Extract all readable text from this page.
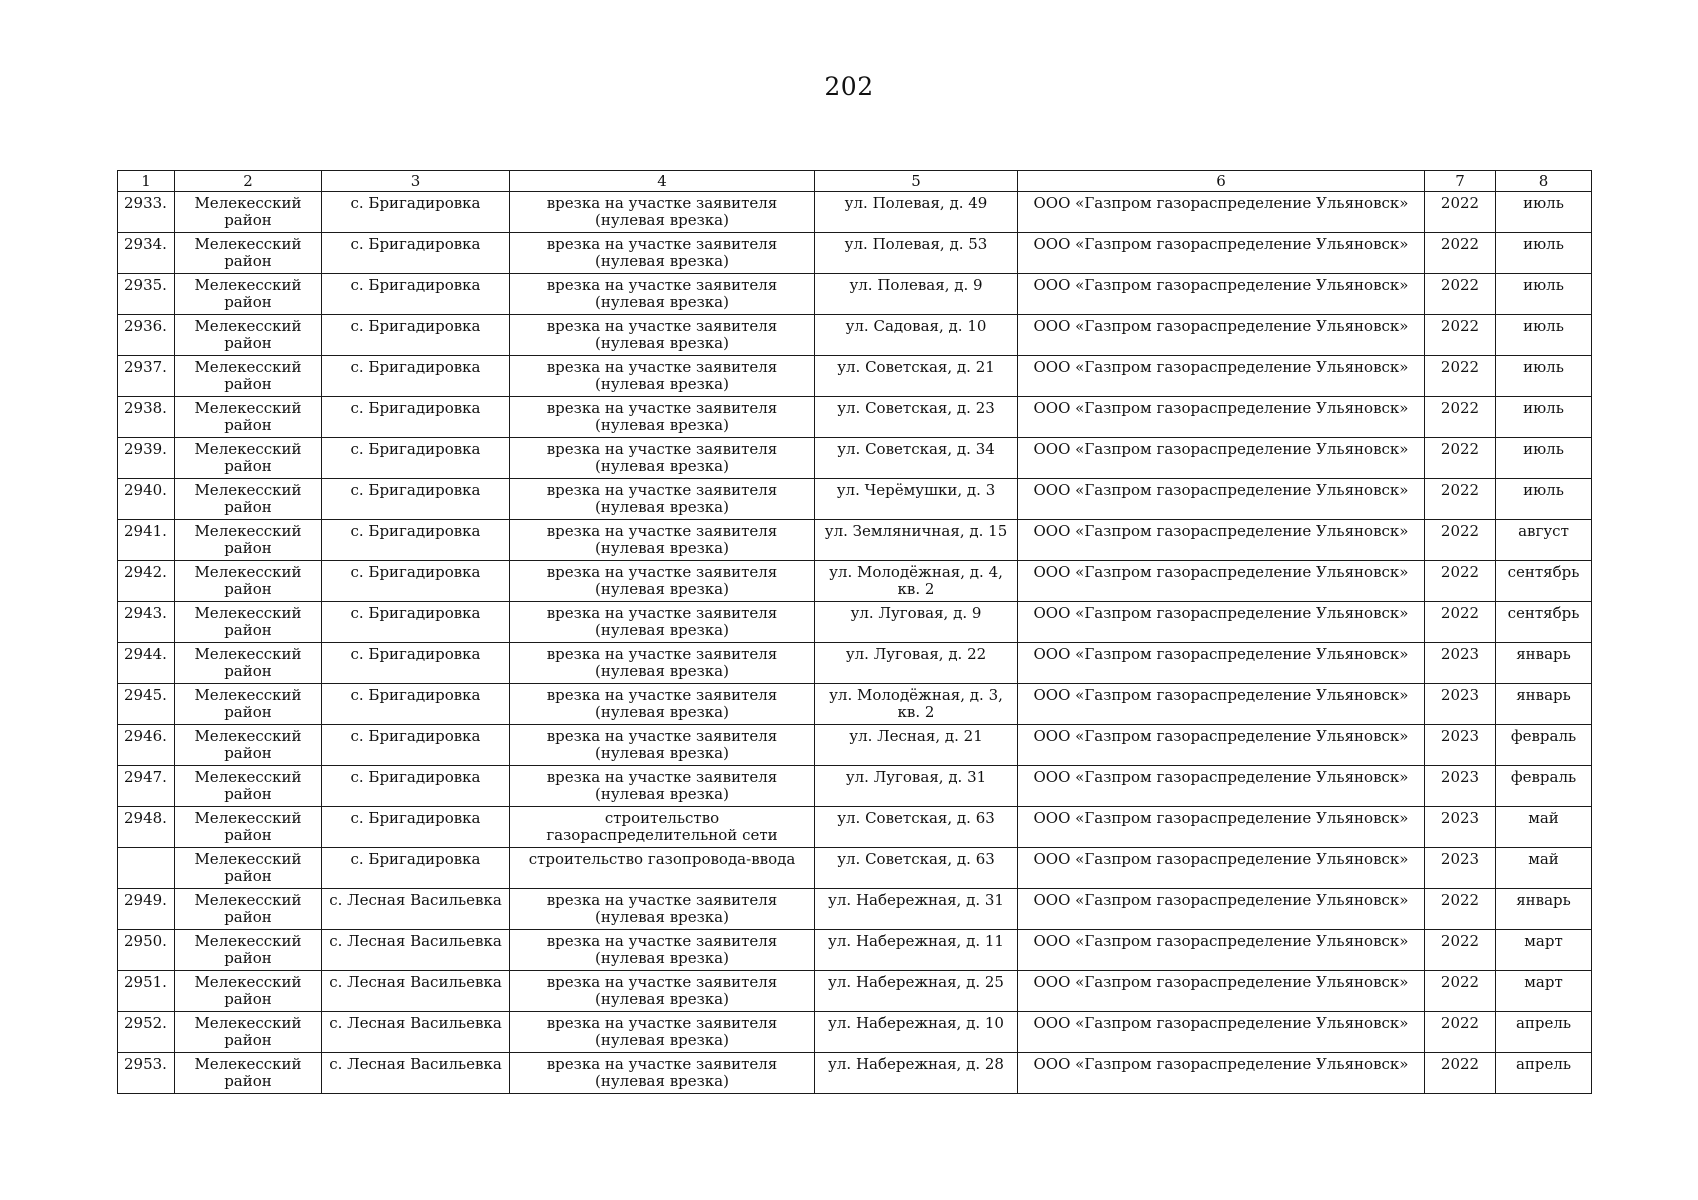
202
1	2	3	4	5	6	7	8
2933.	Мелекесский район	с. Бригадировка	врезка на участке заявителя (нулевая врезка)	ул. Полевая, д. 49	ООО «Газпром газораспределение Ульяновск»	2022	июль
2934.	Мелекесский район	с. Бригадировка	врезка на участке заявителя (нулевая врезка)	ул. Полевая, д. 53	ООО «Газпром газораспределение Ульяновск»	2022	июль
2935.	Мелекесский район	с. Бригадировка	врезка на участке заявителя (нулевая врезка)	ул. Полевая, д. 9	ООО «Газпром газораспределение Ульяновск»	2022	июль
2936.	Мелекесский район	с. Бригадировка	врезка на участке заявителя (нулевая врезка)	ул. Садовая, д. 10	ООО «Газпром газораспределение Ульяновск»	2022	июль
2937.	Мелекесский район	с. Бригадировка	врезка на участке заявителя (нулевая врезка)	ул. Советская, д. 21	ООО «Газпром газораспределение Ульяновск»	2022	июль
2938.	Мелекесский район	с. Бригадировка	врезка на участке заявителя (нулевая врезка)	ул. Советская, д. 23	ООО «Газпром газораспределение Ульяновск»	2022	июль
2939.	Мелекесский район	с. Бригадировка	врезка на участке заявителя (нулевая врезка)	ул. Советская, д. 34	ООО «Газпром газораспределение Ульяновск»	2022	июль
2940.	Мелекесский район	с. Бригадировка	врезка на участке заявителя (нулевая врезка)	ул. Черёмушки, д. 3	ООО «Газпром газораспределение Ульяновск»	2022	июль
2941.	Мелекесский район	с. Бригадировка	врезка на участке заявителя (нулевая врезка)	ул. Земляничная, д. 15	ООО «Газпром газораспределение Ульяновск»	2022	август
2942.	Мелекесский район	с. Бригадировка	врезка на участке заявителя (нулевая врезка)	ул. Молодёжная, д. 4, кв. 2	ООО «Газпром газораспределение Ульяновск»	2022	сентябрь
2943.	Мелекесский район	с. Бригадировка	врезка на участке заявителя (нулевая врезка)	ул. Луговая, д. 9	ООО «Газпром газораспределение Ульяновск»	2022	сентябрь
2944.	Мелекесский район	с. Бригадировка	врезка на участке заявителя (нулевая врезка)	ул. Луговая, д. 22	ООО «Газпром газораспределение Ульяновск»	2023	январь
2945.	Мелекесский район	с. Бригадировка	врезка на участке заявителя (нулевая врезка)	ул. Молодёжная, д. 3, кв. 2	ООО «Газпром газораспределение Ульяновск»	2023	январь
2946.	Мелекесский район	с. Бригадировка	врезка на участке заявителя (нулевая врезка)	ул. Лесная, д. 21	ООО «Газпром газораспределение Ульяновск»	2023	февраль
2947.	Мелекесский район	с. Бригадировка	врезка на участке заявителя (нулевая врезка)	ул. Луговая, д. 31	ООО «Газпром газораспределение Ульяновск»	2023	февраль
2948.	Мелекесский район	с. Бригадировка	строительство газораспределительной сети	ул. Советская, д. 63	ООО «Газпром газораспределение Ульяновск»	2023	май
	Мелекесский район	с. Бригадировка	строительство газопровода-ввода	ул. Советская, д. 63	ООО «Газпром газораспределение Ульяновск»	2023	май
2949.	Мелекесский район	с. Лесная Васильевка	врезка на участке заявителя (нулевая врезка)	ул. Набережная, д. 31	ООО «Газпром газораспределение Ульяновск»	2022	январь
2950.	Мелекесский район	с. Лесная Васильевка	врезка на участке заявителя (нулевая врезка)	ул. Набережная, д. 11	ООО «Газпром газораспределение Ульяновск»	2022	март
2951.	Мелекесский район	с. Лесная Васильевка	врезка на участке заявителя (нулевая врезка)	ул. Набережная, д. 25	ООО «Газпром газораспределение Ульяновск»	2022	март
2952.	Мелекесский район	с. Лесная Васильевка	врезка на участке заявителя (нулевая врезка)	ул. Набережная, д. 10	ООО «Газпром газораспределение Ульяновск»	2022	апрель
2953.	Мелекесский район	с. Лесная Васильевка	врезка на участке заявителя (нулевая врезка)	ул. Набережная, д. 28	ООО «Газпром газораспределение Ульяновск»	2022	апрель
